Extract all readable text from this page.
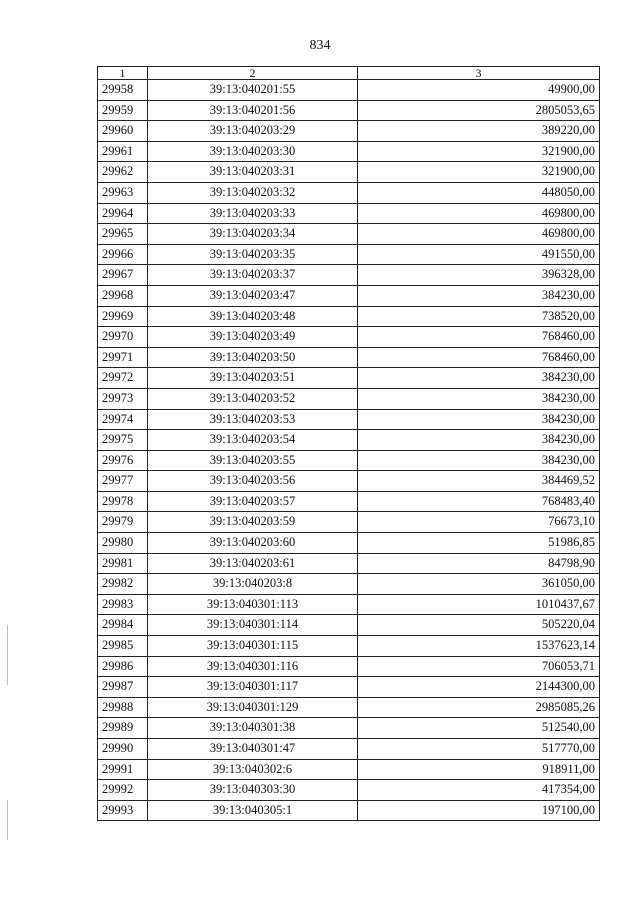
834
1	2	3
29958	39:13:040201:55	49900,00
29959	39:13:040201:56	2805053,65
29960	39:13:040203:29	389220,00
29961	39:13:040203:30	321900,00
29962	39:13:040203:31	321900,00
29963	39:13:040203:32	448050,00
29964	39:13:040203:33	469800,00
29965	39:13:040203:34	469800,00
29966	39:13:040203:35	491550,00
29967	39:13:040203:37	396328,00
29968	39:13:040203:47	384230,00
29969	39:13:040203:48	738520,00
29970	39:13:040203:49	768460,00
29971	39:13:040203:50	768460,00
29972	39:13:040203:51	384230,00
29973	39:13:040203:52	384230,00
29974	39:13:040203:53	384230,00
29975	39:13:040203:54	384230,00
29976	39:13:040203:55	384230,00
29977	39:13:040203:56	384469,52
29978	39:13:040203:57	768483,40
29979	39:13:040203:59	76673,10
29980	39:13:040203:60	51986,85
29981	39:13:040203:61	84798,90
29982	39:13:040203:8	361050,00
29983	39:13:040301:113	1010437,67
29984	39:13:040301:114	505220,04
29985	39:13:040301:115	1537623,14
29986	39:13:040301:116	706053,71
29987	39:13:040301:117	2144300,00
29988	39:13:040301:129	2985085,26
29989	39:13:040301:38	512540,00
29990	39:13:040301:47	517770,00
29991	39:13:040302:6	918911,00
29992	39:13:040303:30	417354,00
29993	39:13:040305:1	197100,00
